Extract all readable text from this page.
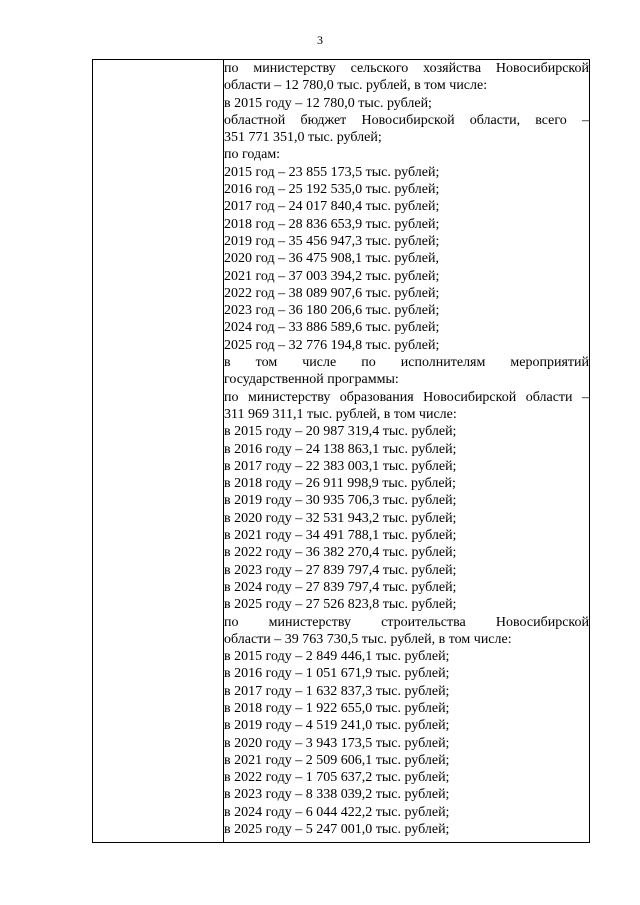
3

по министерству сельского хозяйства Новосибирской
области – 12 780,0 тыс. рублей, в том числе:
в 2015 году – 12 780,0 тыс. рублей;
областной бюджет Новосибирской области, всего –
351 771 351,0 тыс. рублей;
по годам:
2015 год – 23 855 173,5 тыс. рублей;
2016 год – 25 192 535,0 тыс. рублей;
2017 год – 24 017 840,4 тыс. рублей;
2018 год – 28 836 653,9 тыс. рублей;
2019 год – 35 456 947,3 тыс. рублей;
2020 год – 36 475 908,1 тыс. рублей,
2021 год – 37 003 394,2 тыс. рублей;
2022 год – 38 089 907,6 тыс. рублей;
2023 год – 36 180 206,6 тыс. рублей;
2024 год – 33 886 589,6 тыс. рублей;
2025 год – 32 776 194,8 тыс. рублей;
в том числе по исполнителям мероприятий
государственной программы:
по министерству образования Новосибирской области –
311 969 311,1 тыс. рублей, в том числе:
в 2015 году – 20 987 319,4 тыс. рублей;
в 2016 году – 24 138 863,1 тыс. рублей;
в 2017 году – 22 383 003,1 тыс. рублей;
в 2018 году – 26 911 998,9 тыс. рублей;
в 2019 году – 30 935 706,3 тыс. рублей;
в 2020 году – 32 531 943,2 тыс. рублей;
в 2021 году – 34 491 788,1 тыс. рублей;
в 2022 году – 36 382 270,4 тыс. рублей;
в 2023 году – 27 839 797,4 тыс. рублей;
в 2024 году – 27 839 797,4 тыс. рублей;
в 2025 году – 27 526 823,8 тыс. рублей;
по министерству строительства Новосибирской
области – 39 763 730,5 тыс. рублей, в том числе:
в 2015 году – 2 849 446,1 тыс. рублей;
в 2016 году – 1 051 671,9 тыс. рублей;
в 2017 году – 1 632 837,3 тыс. рублей;
в 2018 году – 1 922 655,0 тыс. рублей;
в 2019 году – 4 519 241,0 тыс. рублей;
в 2020 году – 3 943 173,5 тыс. рублей;
в 2021 году – 2 509 606,1 тыс. рублей;
в 2022 году – 1 705 637,2 тыс. рублей;
в 2023 году – 8 338 039,2 тыс. рублей;
в 2024 году – 6 044 422,2 тыс. рублей;
в 2025 году – 5 247 001,0 тыс. рублей;
